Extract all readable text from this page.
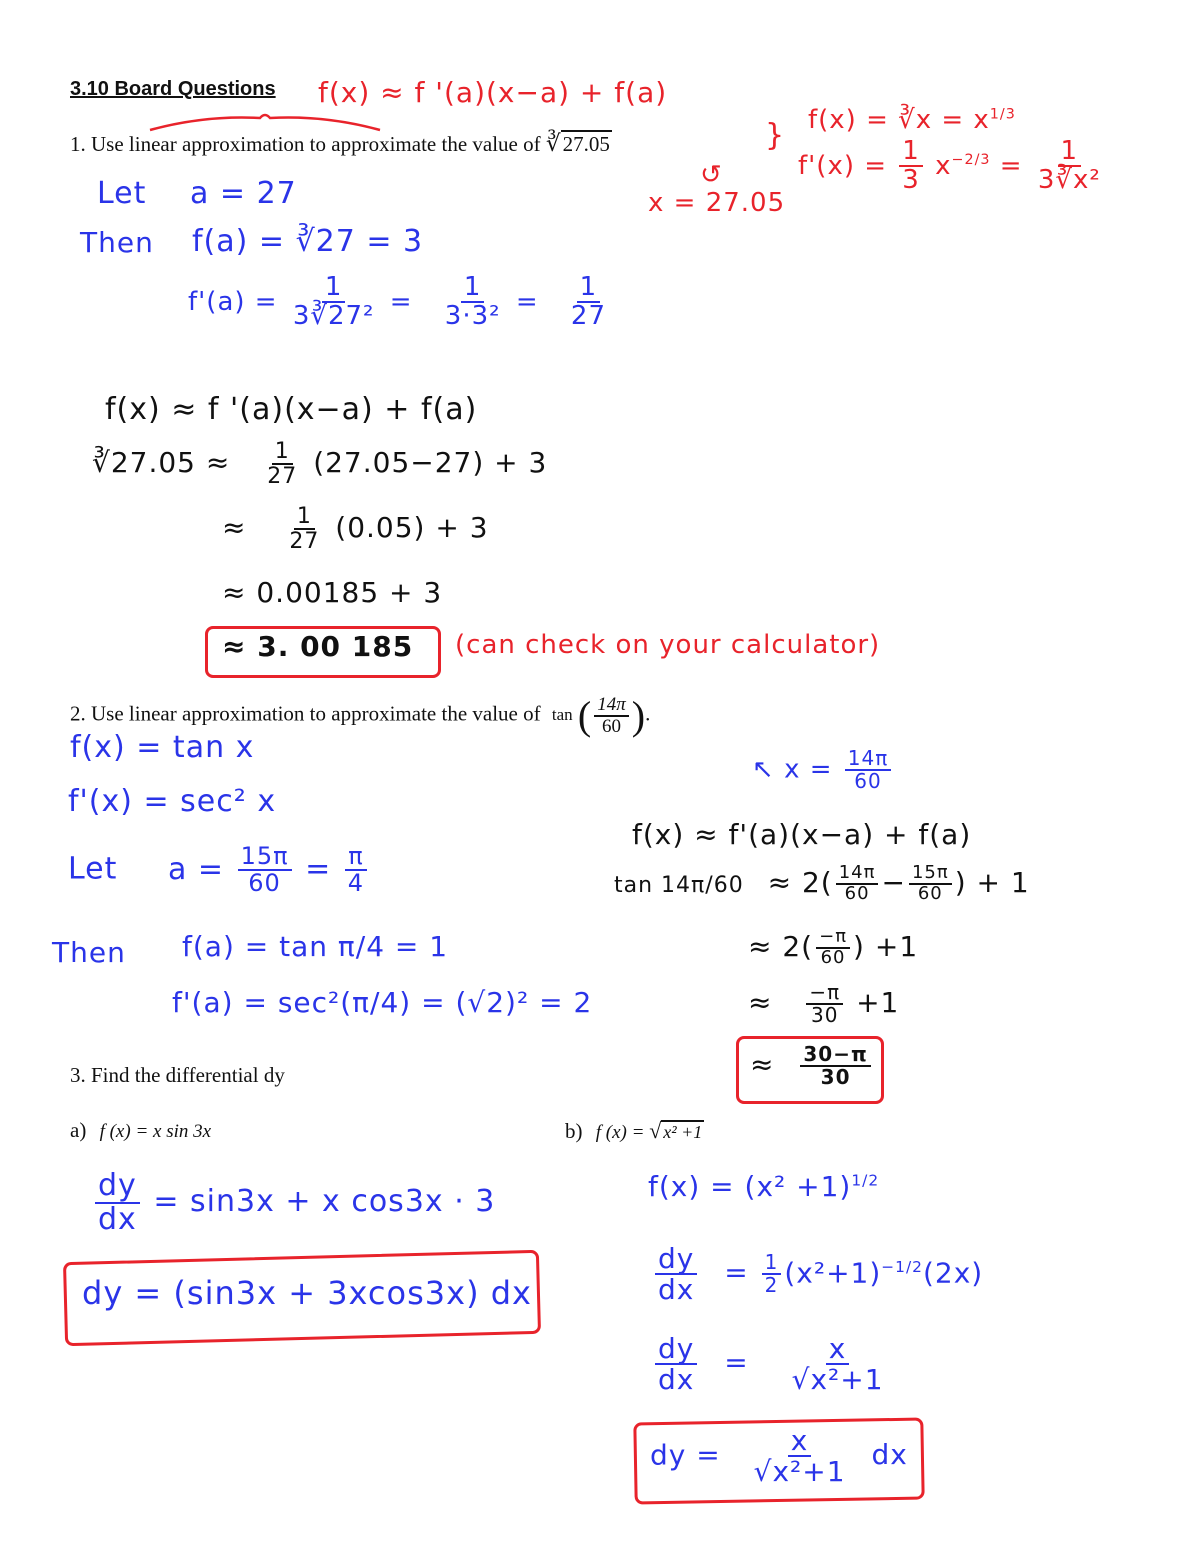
3.10 Board Questions f(x) ≈ f '(a)(x−a) + f(a)
1. Use linear approximation to approximate the value of ∛27.05	} f(x) = ∛x = $x^{1/3}$
$f'(x) = \frac{1}{3} x^{-2/3} = \frac{1}{\text{3∛x²}}$
↺
x = 27.05
Let a = 27
Then f(a) = ∛27 = 3
$f'(a) = \frac{1}{\text{3∛27²}} = \frac{1}{\text{3·3²}} = \frac{1}{27}$
f(x) ≈ f '(a)(x−a) + f(a)
∛27.05 ≈ $\frac{1}{27} (27.05-27) + 3$
≈ $\frac{1}{27} (0.05) + 3$
≈ 0.00185 + 3
≈ 3. 00 185 (can check on your calculator)
2. Use linear approximation to approximate the value of tan ( $\frac{14\pi}{60}$ ).
↖ $x = \frac{14\pi}{60}$
f(x) = tan x
f'(x) = sec² x
Let $a = \frac{15\pi}{60} = \frac{\pi}{4}$
Then f(a) = tan π/4 = 1
f'(a) = sec²(π/4) = (√2)² = 2
f(x) ≈ f'(a)(x−a) + f(a)
$\tan 14\pi/60 \approx 2( \frac{14\pi}{60} - \frac{15\pi}{60}$ ) + 1
≈ $2( \frac{-\pi}{60}$ ) +1
≈ $\frac{-\pi}{30} +1$
≈ $\frac{30-\pi}{30}$
3. Find the differential dy
a) f (x) = x sin 3x	b) f (x) = √ x² +1
$\frac{dy}{dx} = \sin 3x + x$ cos3x · 3
dy = (sin3x + 3xcos3x) dx
$f(x) = (x^2 +1)^{1/2}$
$\frac{dy}{dx} = \frac{1}{2} (x^2+1)^{-1/2}(2x)$
$\frac{dy}{dx} = \frac{x}{\text{√x²+1}}$
dy = $\frac{x}{\text{√x²+1}}$ dx
